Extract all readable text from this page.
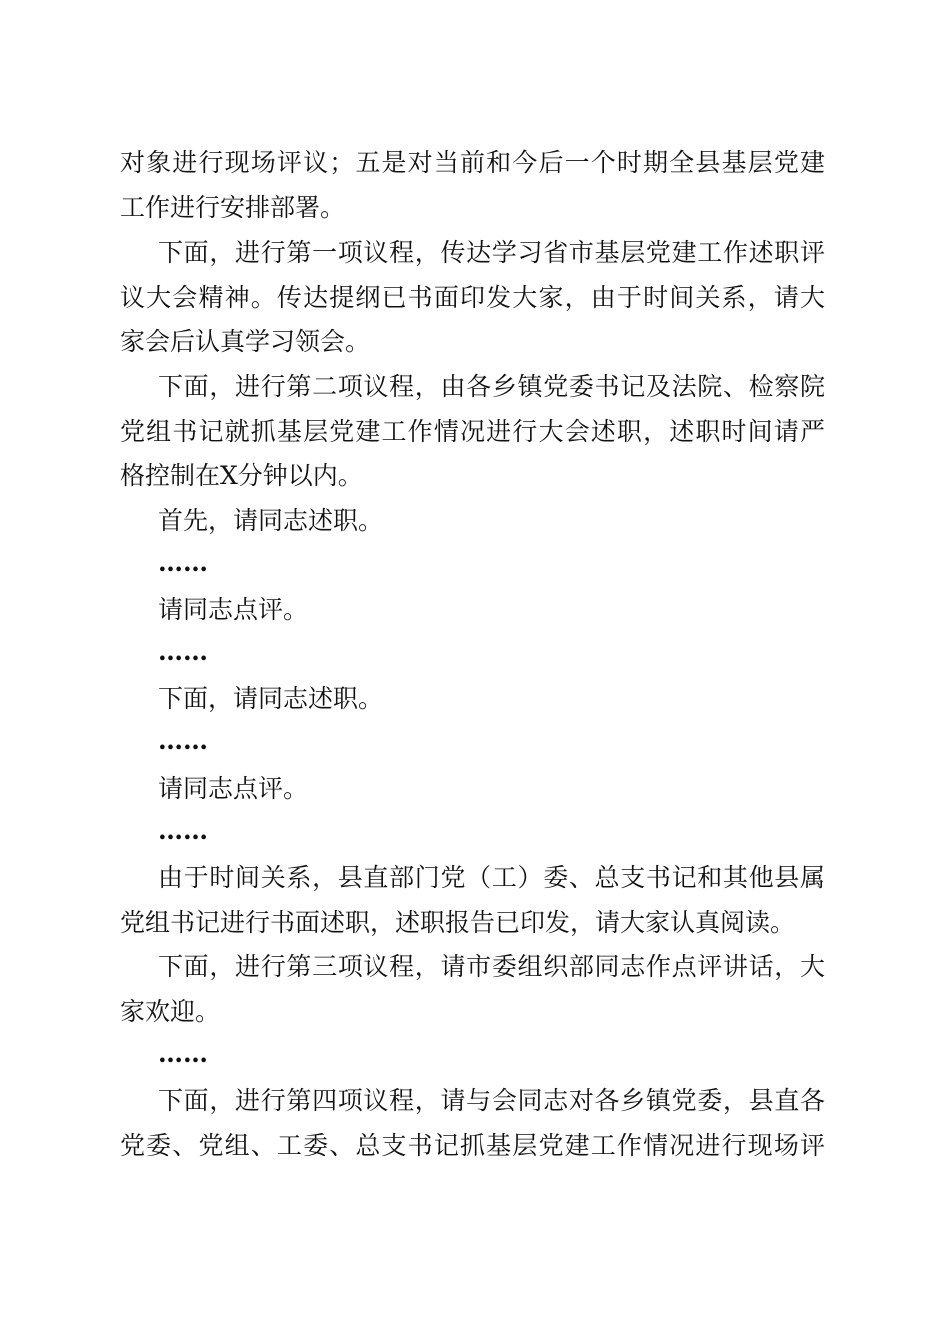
对象进行现场评议；五是对当前和今后一个时期全县基层党建
工作进行安排部署。
下面，进行第一项议程，传达学习省市基层党建工作述职评
议大会精神。传达提纲已书面印发大家，由于时间关系，请大
家会后认真学习领会。
下面，进行第二项议程，由各乡镇党委书记及法院、检察院
党组书记就抓基层党建工作情况进行大会述职，述职时间请严
格控制在X分钟以内。
首先，请同志述职。
……
请同志点评。
……
下面，请同志述职。
……
请同志点评。
……
由于时间关系，县直部门党（工）委、总支书记和其他县属
党组书记进行书面述职，述职报告已印发，请大家认真阅读。
下面，进行第三项议程，请市委组织部同志作点评讲话，大
家欢迎。
……
下面，进行第四项议程，请与会同志对各乡镇党委，县直各
党委、党组、工委、总支书记抓基层党建工作情况进行现场评
